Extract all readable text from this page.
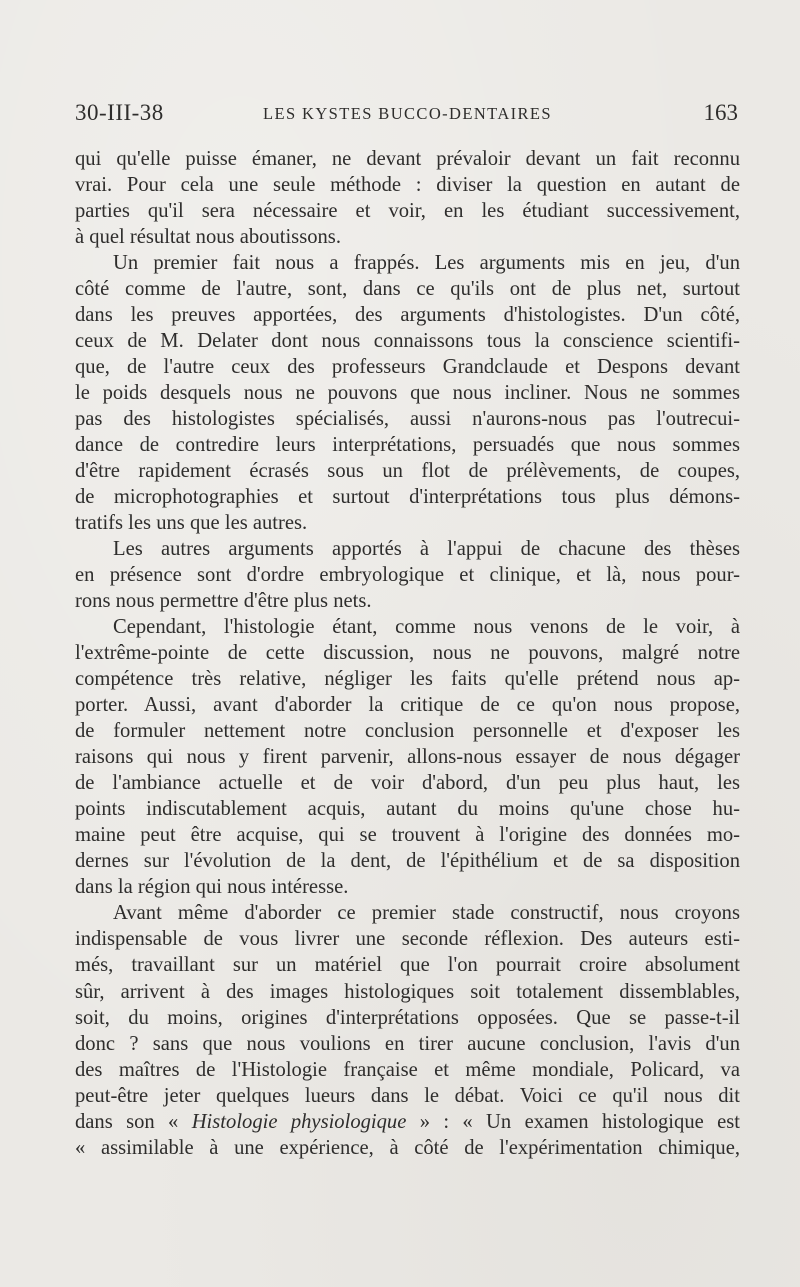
30-III-38	LES KYSTES BUCCO-DENTAIRES	163
qui qu'elle puisse émaner, ne devant prévaloir devant un fait reconnu
vrai. Pour cela une seule méthode : diviser la question en autant de
parties qu'il sera nécessaire et voir, en les étudiant successivement,
à quel résultat nous aboutissons.
Un premier fait nous a frappés. Les arguments mis en jeu, d'un
côté comme de l'autre, sont, dans ce qu'ils ont de plus net, surtout
dans les preuves apportées, des arguments d'histologistes. D'un côté,
ceux de M. Delater dont nous connaissons tous la conscience scientifi-
que, de l'autre ceux des professeurs Grandclaude et Despons devant
le poids desquels nous ne pouvons que nous incliner. Nous ne sommes
pas des histologistes spécialisés, aussi n'aurons-nous pas l'outrecui-
dance de contredire leurs interprétations, persuadés que nous sommes
d'être rapidement écrasés sous un flot de prélèvements, de coupes,
de microphotographies et surtout d'interprétations tous plus démons-
tratifs les uns que les autres.
Les autres arguments apportés à l'appui de chacune des thèses
en présence sont d'ordre embryologique et clinique, et là, nous pour-
rons nous permettre d'être plus nets.
Cependant, l'histologie étant, comme nous venons de le voir, à
l'extrême-pointe de cette discussion, nous ne pouvons, malgré notre
compétence très relative, négliger les faits qu'elle prétend nous ap-
porter. Aussi, avant d'aborder la critique de ce qu'on nous propose,
de formuler nettement notre conclusion personnelle et d'exposer les
raisons qui nous y firent parvenir, allons-nous essayer de nous dégager
de l'ambiance actuelle et de voir d'abord, d'un peu plus haut, les
points indiscutablement acquis, autant du moins qu'une chose hu-
maine peut être acquise, qui se trouvent à l'origine des données mo-
dernes sur l'évolution de la dent, de l'épithélium et de sa disposition
dans la région qui nous intéresse.
Avant même d'aborder ce premier stade constructif, nous croyons
indispensable de vous livrer une seconde réflexion. Des auteurs esti-
més, travaillant sur un matériel que l'on pourrait croire absolument
sûr, arrivent à des images histologiques soit totalement dissemblables,
soit, du moins, origines d'interprétations opposées. Que se passe-t-il
donc ? sans que nous voulions en tirer aucune conclusion, l'avis d'un
des maîtres de l'Histologie française et même mondiale, Policard, va
peut-être jeter quelques lueurs dans le débat. Voici ce qu'il nous dit
dans son « Histologie physiologique » : « Un examen histologique est
« assimilable à une expérience, à côté de l'expérimentation chimique,
